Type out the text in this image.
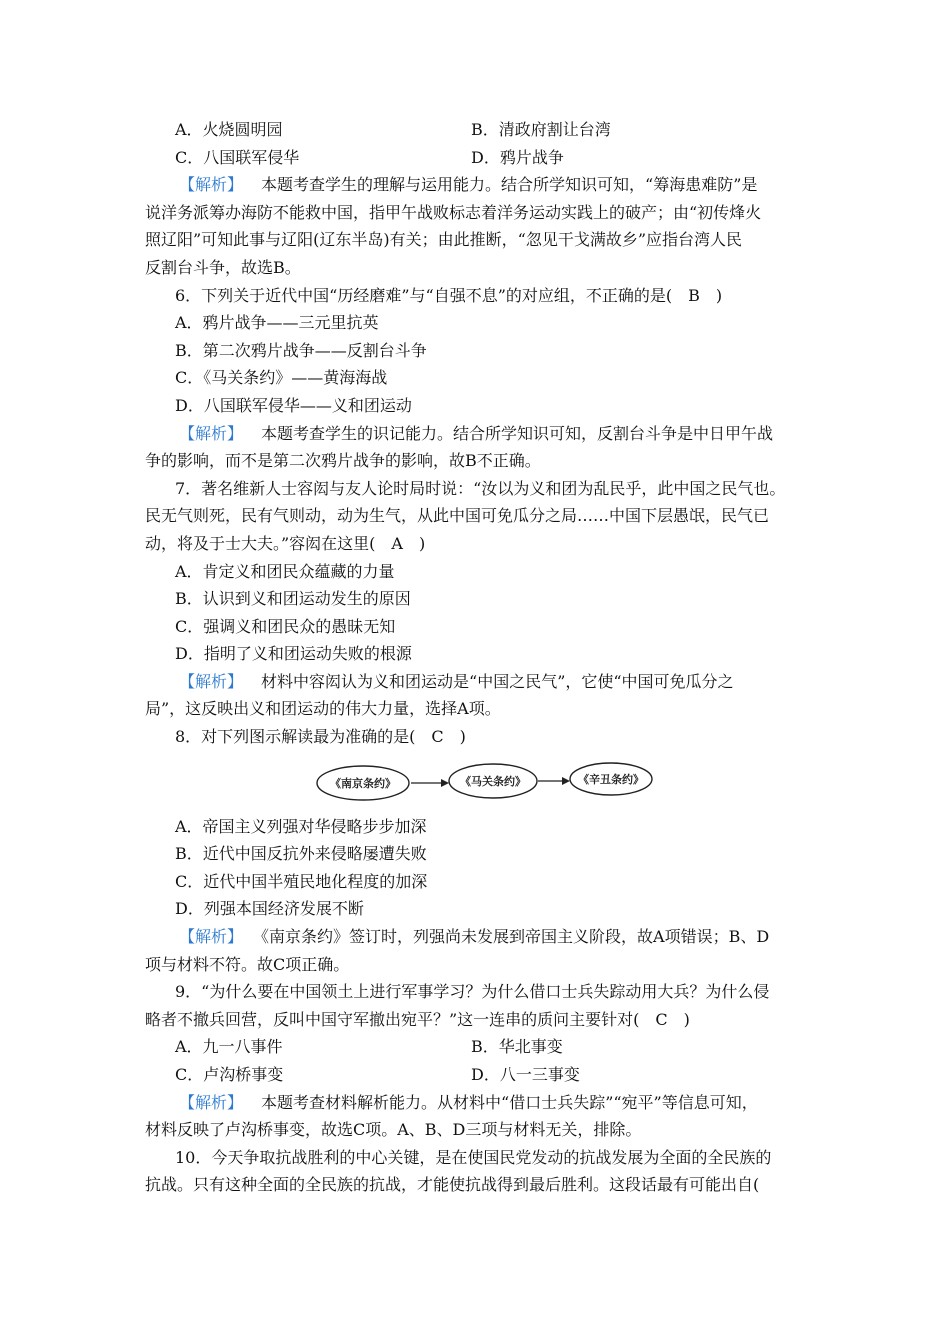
A．火烧圆明园	B．清政府割让台湾
C．八国联军侵华	D．鸦片战争
【解析】 本题考查学生的理解与运用能力。结合所学知识可知，“筹海患难防”是
说洋务派筹办海防不能救中国，指甲午战败标志着洋务运动实践上的破产；由“初传烽火
照辽阳”可知此事与辽阳(辽东半岛)有关；由此推断，“忽见干戈满故乡”应指台湾人民
反割台斗争，故选B。
6．下列关于近代中国“历经磨难”与“自强不息”的对应组，不正确的是(　B　)
A．鸦片战争——三元里抗英
B．第二次鸦片战争——反割台斗争
C．《马关条约》——黄海海战
D．八国联军侵华——义和团运动
【解析】 本题考查学生的识记能力。结合所学知识可知，反割台斗争是中日甲午战
争的影响，而不是第二次鸦片战争的影响，故B不正确。
7．著名维新人士容闳与友人论时局时说：“汝以为义和团为乱民乎，此中国之民气也。
民无气则死，民有气则动，动为生气，从此中国可免瓜分之局……中国下层愚氓，民气已
动，将及于士大夫。”容闳在这里(　A　)
A．肯定义和团民众蕴藏的力量
B．认识到义和团运动发生的原因
C．强调义和团民众的愚昧无知
D．指明了义和团运动失败的根源
【解析】 材料中容闳认为义和团运动是“中国之民气”，它使“中国可免瓜分之
局”，这反映出义和团运动的伟大力量，选择A项。
8．对下列图示解读最为准确的是(　C　)
《南京条约》	《马关条约》	《辛丑条约》
A．帝国主义列强对华侵略步步加深
B．近代中国反抗外来侵略屡遭失败
C．近代中国半殖民地化程度的加深
D．列强本国经济发展不断
【解析】 《南京条约》签订时，列强尚未发展到帝国主义阶段，故A项错误；B、D
项与材料不符。故C项正确。
9．“为什么要在中国领土上进行军事学习？为什么借口士兵失踪动用大兵？为什么侵
略者不撤兵回营，反叫中国守军撤出宛平？”这一连串的质问主要针对(　C　)
A．九一八事件	B．华北事变
C．卢沟桥事变	D．八一三事变
【解析】 本题考查材料解析能力。从材料中“借口士兵失踪”“宛平”等信息可知，
材料反映了卢沟桥事变，故选C项。A、B、D三项与材料无关，排除。
10．今天争取抗战胜利的中心关键，是在使国民党发动的抗战发展为全面的全民族的
抗战。只有这种全面的全民族的抗战，才能使抗战得到最后胜利。这段话最有可能出自(
